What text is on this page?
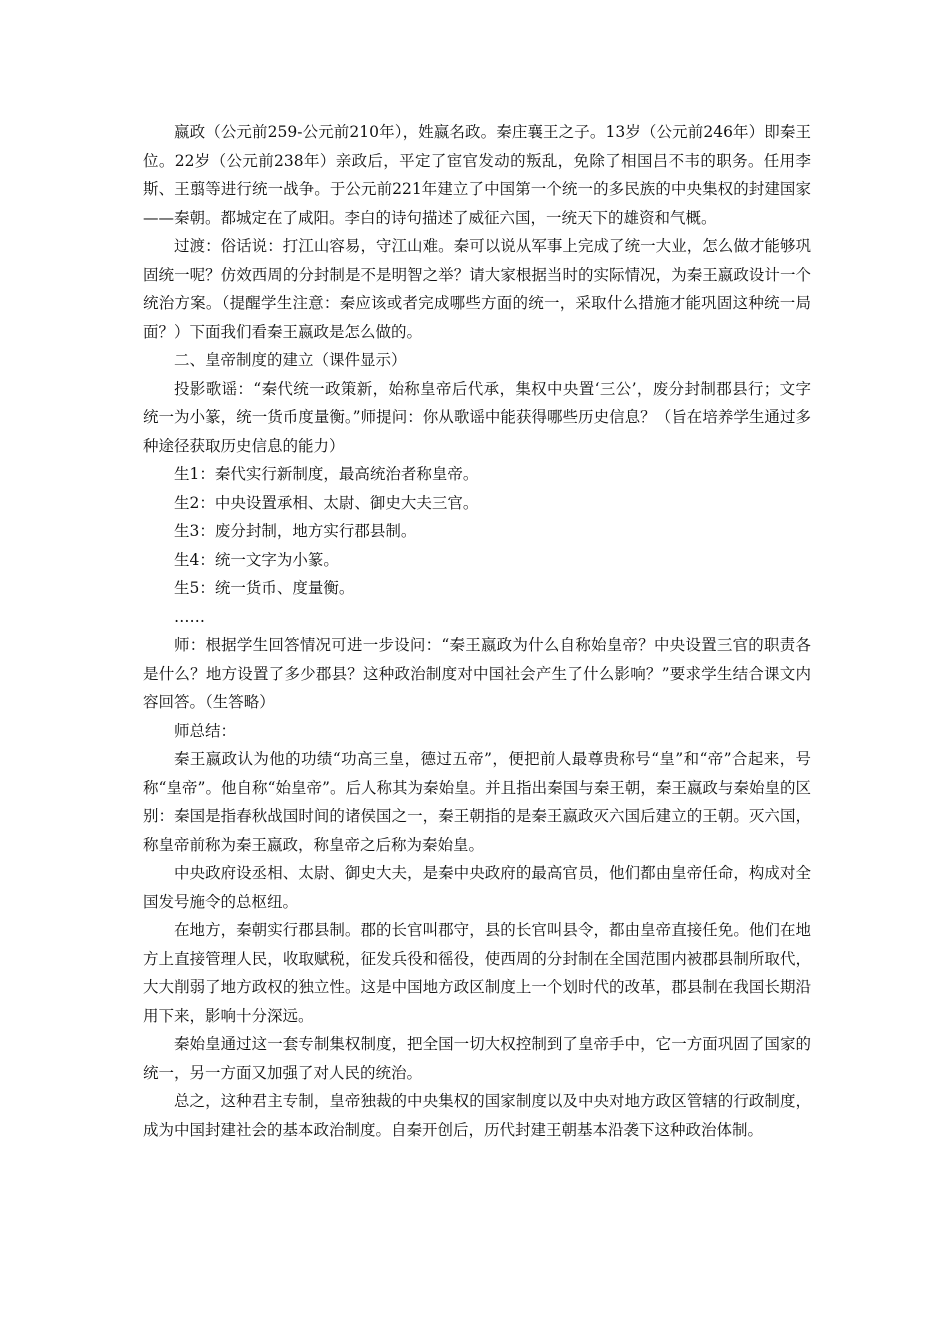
嬴政（公元前259-公元前210年），姓嬴名政。秦庄襄王之子。13岁（公元前246年）即秦王位。22岁（公元前238年）亲政后，平定了宦官发动的叛乱，免除了相国吕不韦的职务。任用李斯、王翦等进行统一战争。于公元前221年建立了中国第一个统一的多民族的中央集权的封建国家——秦朝。都城定在了咸阳。李白的诗句描述了威征六国，一统天下的雄资和气概。

过渡：俗话说：打江山容易，守江山难。秦可以说从军事上完成了统一大业，怎么做才能够巩固统一呢？仿效西周的分封制是不是明智之举？请大家根据当时的实际情况，为秦王嬴政设计一个统治方案。（提醒学生注意：秦应该或者完成哪些方面的统一，采取什么措施才能巩固这种统一局面？）下面我们看秦王嬴政是怎么做的。

二、皇帝制度的建立（课件显示）

投影歌谣：“秦代统一政策新，始称皇帝后代承，集权中央置‘三公’，废分封制郡县行；文字统一为小篆，统一货币度量衡。”师提问：你从歌谣中能获得哪些历史信息？（旨在培养学生通过多种途径获取历史信息的能力）

生1：秦代实行新制度，最高统治者称皇帝。

生2：中央设置承相、太尉、御史大夫三官。

生3：废分封制，地方实行郡县制。

生4：统一文字为小篆。

生5：统一货币、度量衡。

……

师：根据学生回答情况可进一步设问：“秦王嬴政为什么自称始皇帝？中央设置三官的职责各是什么？地方设置了多少郡县？这种政治制度对中国社会产生了什么影响？”要求学生结合课文内容回答。（生答略）

师总结：

秦王嬴政认为他的功绩“功高三皇，德过五帝”，便把前人最尊贵称号“皇”和“帝”合起来，号称“皇帝”。他自称“始皇帝”。后人称其为秦始皇。并且指出秦国与秦王朝，秦王嬴政与秦始皇的区别：秦国是指春秋战国时间的诸侯国之一，秦王朝指的是秦王嬴政灭六国后建立的王朝。灭六国，称皇帝前称为秦王嬴政，称皇帝之后称为秦始皇。

中央政府设丞相、太尉、御史大夫，是秦中央政府的最高官员，他们都由皇帝任命，构成对全国发号施令的总枢纽。

在地方，秦朝实行郡县制。郡的长官叫郡守，县的长官叫县令，都由皇帝直接任免。他们在地方上直接管理人民，收取赋税，征发兵役和徭役，使西周的分封制在全国范围内被郡县制所取代，大大削弱了地方政权的独立性。这是中国地方政区制度上一个划时代的改革，郡县制在我国长期沿用下来，影响十分深远。

秦始皇通过这一套专制集权制度，把全国一切大权控制到了皇帝手中，它一方面巩固了国家的统一，另一方面又加强了对人民的统治。

总之，这种君主专制，皇帝独裁的中央集权的国家制度以及中央对地方政区管辖的行政制度，成为中国封建社会的基本政治制度。自秦开创后，历代封建王朝基本沿袭下这种政治体制。
